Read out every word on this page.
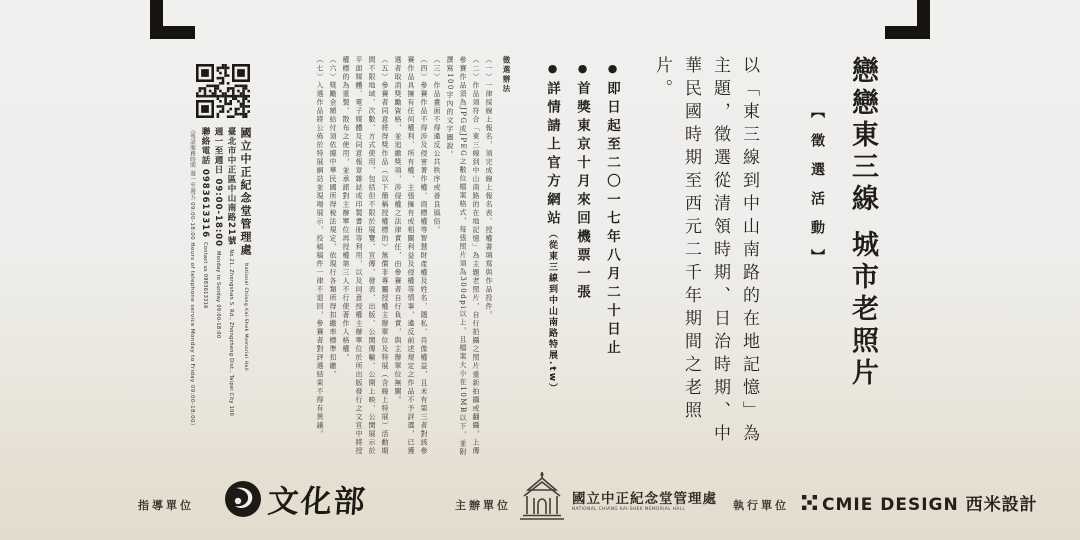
戀戀東三線 城市老照片
【徵選活動】
以「東三線到中山南路的在地記憶」為主題，徵選從清領時期、日治時期、中華民國時期至西元二千年期間之老照片。
●即日起至二〇一七年八月二十日止
●首獎東京十月來回機票一張
●詳情請上官方網站（從東三線到中山南路特展.tw）
徵選辦法
（一）一律採線上報名，須完成線上報名表、授權書填寫與作品投件。
（二）作品須符合「東三線到中山南路的在地記憶」為主題老照片，自行拍攝之照片重新拍攝或翻攝，上傳參賽作品須為JPG或JPEG之數位檔案格式，每張照片須為300dpi以上，且檔案大小在10MB以下，並附撰寫100字內的文字圖說。
（三）作品畫面不得違反公共秩序或善良風俗。
（四）參賽作品不得涉及侵害著作權、商標權等智慧財產權及姓名、隱私、肖像權益，且未有第三者對該參賽作品具擁有任何權利、所有權、主張擁有或相關利益及侵權等情事，違反前述規定之作品不予評選，已獲選者取消獎勵資格，並追繳獎項，涉侵權之法律責任，由參賽者自行負責，與主辦單位無關。
（五）參賽者同意將得獎作品（以下簡稱授權標的）無償非專屬授權主辦單位及特展（含線上特展）活動期間不限地域、次數、方式使用，包括但不限於展覽、宣傳、發表、出版、公開傳輸、公開上映、公開展示於平面媒體、電子媒體及同意報章雜誌或印製書冊等利用，以及同意授權主辦單位於所出版發行之文宣中將授權標的為重製、散布之使用，並承諾對主辦單位再授權第三人不行使著作人格權。
（六）獎勵金額給付須依據中華民國所得稅法規定，依現行各類所得扣繳率標準扣繳。
（七）入選作品將公佈於特展網站並現場展示，投稿稿件一律不退回，參賽者對評選結果不得有異議。
國立中正紀念堂管理處 National Chiang Kai-Shek Memorial Hall
臺北市中正區中山南路21號 No.21, Zhongshan S. Rd., Zhongzheng Dist., Taipei City 100
週一至週日 09:00-18:00 Monday to Sunday 09:00-18:00
聯絡電話 0983613316 Contact us 0983613316
（電話服務時間 週一至週五 09:00-18:00 Hours of telephone service Monday to Friday 09:00-18:00）
指導單位 文化部	主辦單位	國立中正紀念堂管理處
NATIONAL CHIANG KAI-SHEK MEMORIAL HALL	執行單位 CMIE DESIGN 西米設計
